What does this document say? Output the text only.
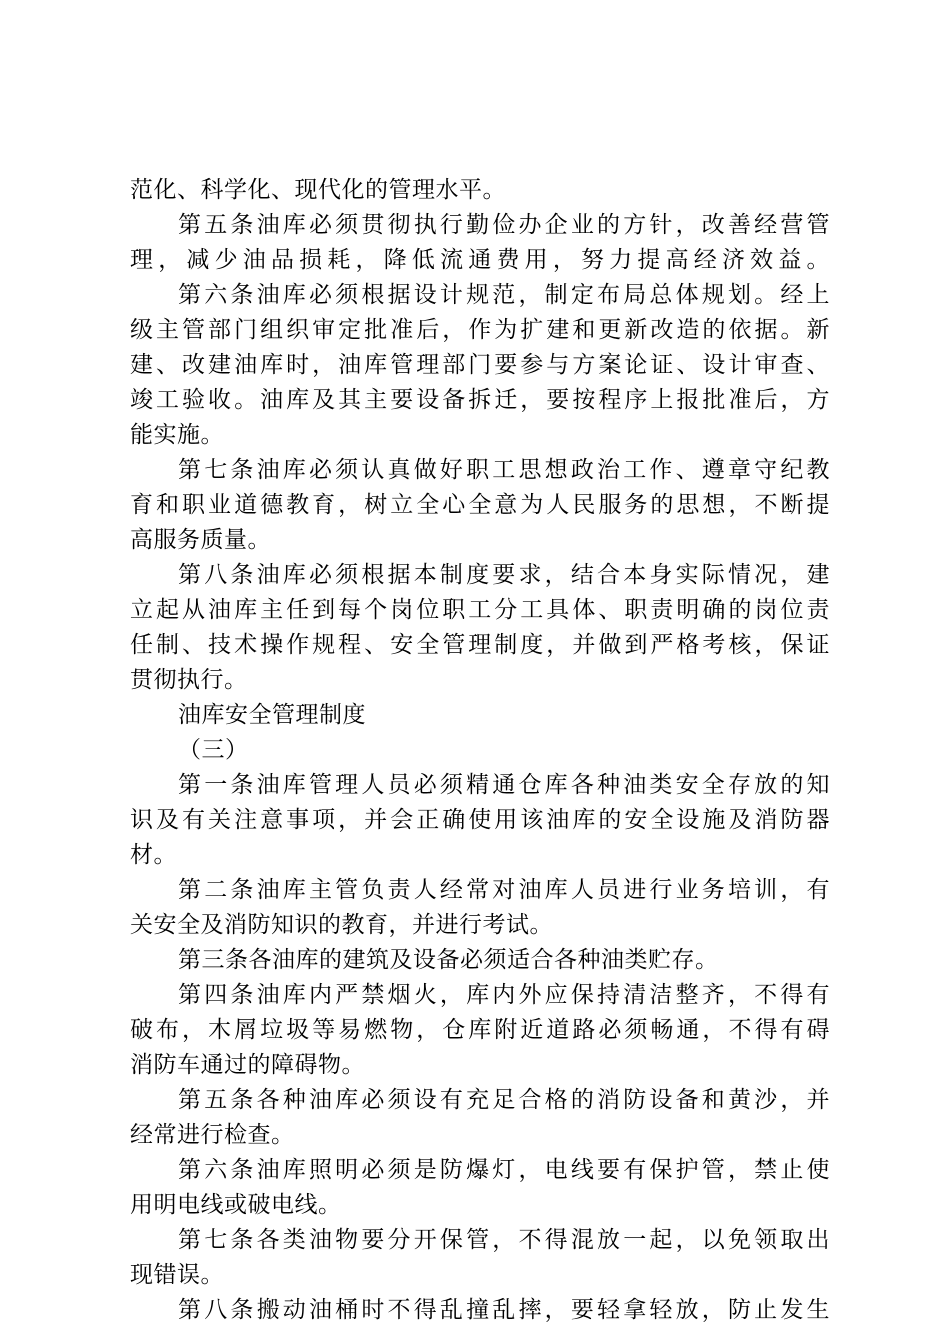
范化、科学化、现代化的管理水平。
第五条油库必须贯彻执行勤俭办企业的方针，改善经营管
理，减少油品损耗，降低流通费用，努力提高经济效益。
第六条油库必须根据设计规范，制定布局总体规划。经上
级主管部门组织审定批准后，作为扩建和更新改造的依据。新
建、改建油库时，油库管理部门要参与方案论证、设计审查、
竣工验收。油库及其主要设备拆迁，要按程序上报批准后，方
能实施。
第七条油库必须认真做好职工思想政治工作、遵章守纪教
育和职业道德教育，树立全心全意为人民服务的思想，不断提
高服务质量。
第八条油库必须根据本制度要求，结合本身实际情况，建
立起从油库主任到每个岗位职工分工具体、职责明确的岗位责
任制、技术操作规程、安全管理制度，并做到严格考核，保证
贯彻执行。
油库安全管理制度
（三）
第一条油库管理人员必须精通仓库各种油类安全存放的知
识及有关注意事项，并会正确使用该油库的安全设施及消防器
材。
第二条油库主管负责人经常对油库人员进行业务培训，有
关安全及消防知识的教育，并进行考试。
第三条各油库的建筑及设备必须适合各种油类贮存。
第四条油库内严禁烟火，库内外应保持清洁整齐，不得有
破布，木屑垃圾等易燃物，仓库附近道路必须畅通，不得有碍
消防车通过的障碍物。
第五条各种油库必须设有充足合格的消防设备和黄沙，并
经常进行检查。
第六条油库照明必须是防爆灯，电线要有保护管，禁止使
用明电线或破电线。
第七条各类油物要分开保管，不得混放一起，以免领取出
现错误。
第八条搬动油桶时不得乱撞乱摔，要轻拿轻放，防止发生
